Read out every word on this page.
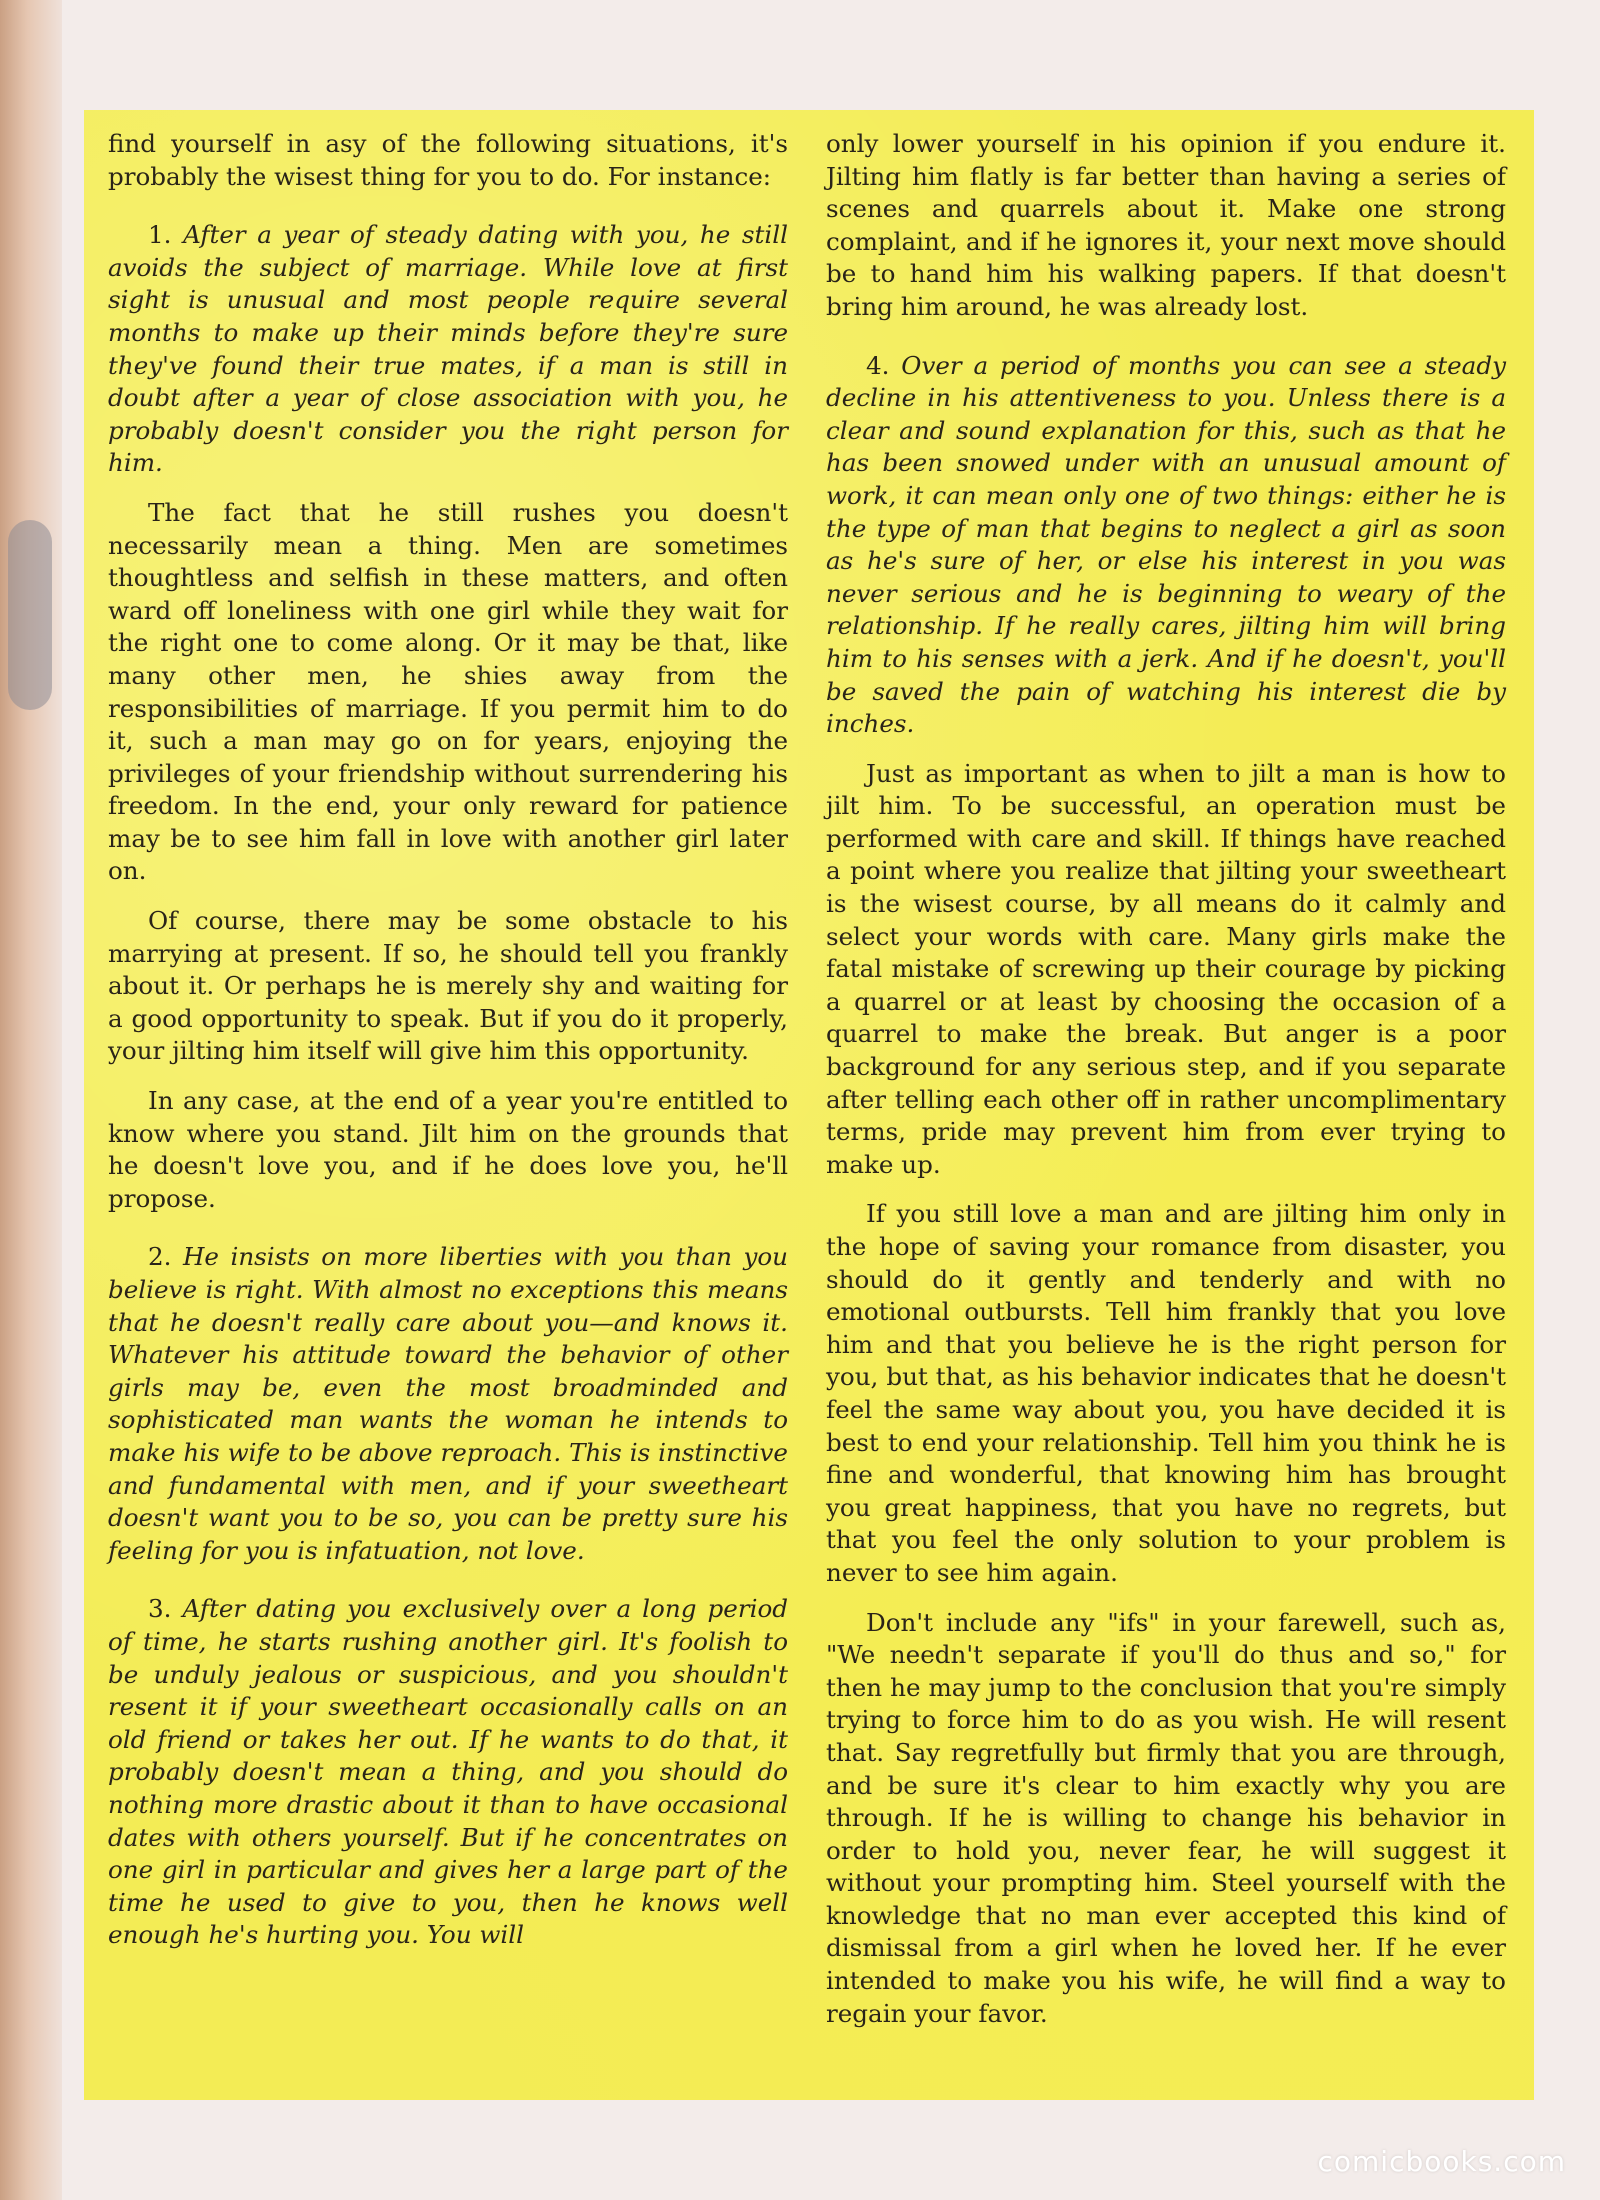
find yourself in asy of the following situations, it's probably the wisest thing for you to do. For instance:

1. After a year of steady dating with you, he still avoids the subject of marriage. While love at first sight is unusual and most people require several months to make up their minds before they're sure they've found their true mates, if a man is still in doubt after a year of close association with you, he probably doesn't consider you the right person for him.

The fact that he still rushes you doesn't necessarily mean a thing. Men are sometimes thoughtless and selfish in these matters, and often ward off loneliness with one girl while they wait for the right one to come along. Or it may be that, like many other men, he shies away from the responsibilities of marriage. If you permit him to do it, such a man may go on for years, enjoying the privileges of your friendship without surrendering his freedom. In the end, your only reward for patience may be to see him fall in love with another girl later on.

Of course, there may be some obstacle to his marrying at present. If so, he should tell you frankly about it. Or perhaps he is merely shy and waiting for a good opportunity to speak. But if you do it properly, your jilting him itself will give him this opportunity.

In any case, at the end of a year you're entitled to know where you stand. Jilt him on the grounds that he doesn't love you, and if he does love you, he'll propose.

2. He insists on more liberties with you than you believe is right. With almost no exceptions this means that he doesn't really care about you—and knows it. Whatever his attitude toward the behavior of other girls may be, even the most broadminded and sophisticated man wants the woman he intends to make his wife to be above reproach. This is instinctive and fundamental with men, and if your sweetheart doesn't want you to be so, you can be pretty sure his feeling for you is infatuation, not love.

3. After dating you exclusively over a long period of time, he starts rushing another girl. It's foolish to be unduly jealous or suspicious, and you shouldn't resent it if your sweetheart occasionally calls on an old friend or takes her out. If he wants to do that, it probably doesn't mean a thing, and you should do nothing more drastic about it than to have occasional dates with others yourself. But if he concentrates on one girl in particular and gives her a large part of the time he used to give to you, then he knows well enough he's hurting you. You will

only lower yourself in his opinion if you endure it. Jilting him flatly is far better than having a series of scenes and quarrels about it. Make one strong complaint, and if he ignores it, your next move should be to hand him his walking papers. If that doesn't bring him around, he was already lost.

4. Over a period of months you can see a steady decline in his attentiveness to you. Unless there is a clear and sound explanation for this, such as that he has been snowed under with an unusual amount of work, it can mean only one of two things: either he is the type of man that begins to neglect a girl as soon as he's sure of her, or else his interest in you was never serious and he is beginning to weary of the relationship. If he really cares, jilting him will bring him to his senses with a jerk. And if he doesn't, you'll be saved the pain of watching his interest die by inches.

Just as important as when to jilt a man is how to jilt him. To be successful, an operation must be performed with care and skill. If things have reached a point where you realize that jilting your sweetheart is the wisest course, by all means do it calmly and select your words with care. Many girls make the fatal mistake of screwing up their courage by picking a quarrel or at least by choosing the occasion of a quarrel to make the break. But anger is a poor background for any serious step, and if you separate after telling each other off in rather uncomplimentary terms, pride may prevent him from ever trying to make up.

If you still love a man and are jilting him only in the hope of saving your romance from disaster, you should do it gently and tenderly and with no emotional outbursts. Tell him frankly that you love him and that you believe he is the right person for you, but that, as his behavior indicates that he doesn't feel the same way about you, you have decided it is best to end your relationship. Tell him you think he is fine and wonderful, that knowing him has brought you great happiness, that you have no regrets, but that you feel the only solution to your problem is never to see him again.

Don't include any "ifs" in your farewell, such as, "We needn't separate if you'll do thus and so," for then he may jump to the conclusion that you're simply trying to force him to do as you wish. He will resent that. Say regretfully but firmly that you are through, and be sure it's clear to him exactly why you are through. If he is willing to change his behavior in order to hold you, never fear, he will suggest it without your prompting him. Steel yourself with the knowledge that no man ever accepted this kind of dismissal from a girl when he loved her. If he ever intended to make you his wife, he will find a way to regain your favor.

comicbooks.com
